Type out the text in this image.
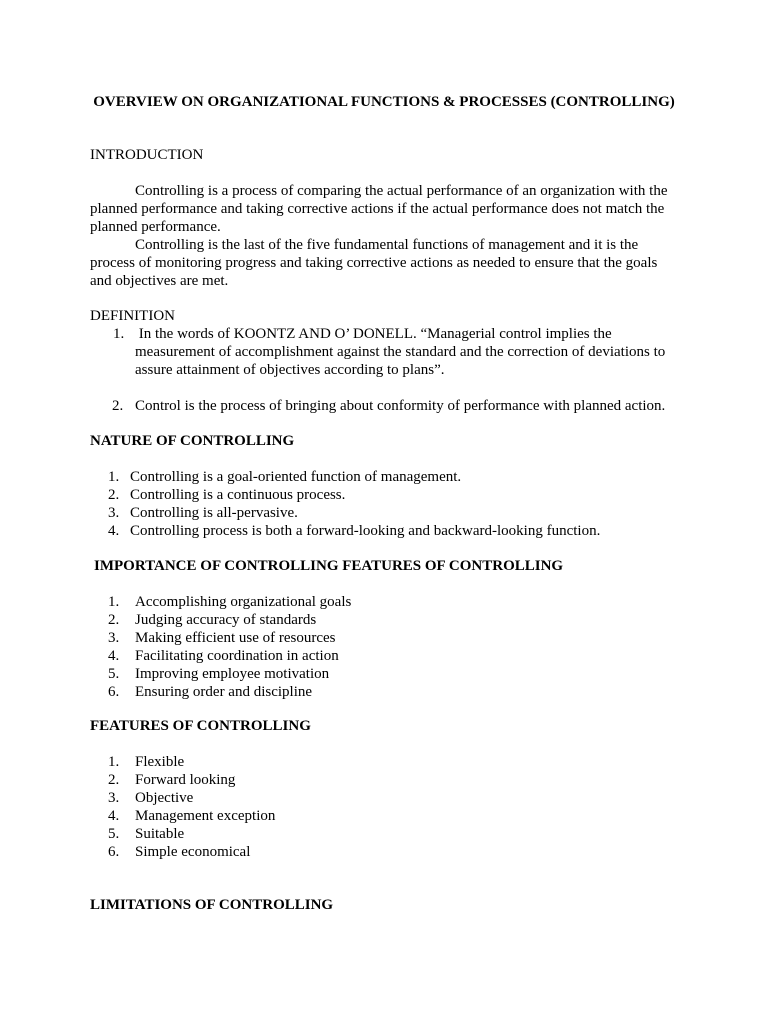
OVERVIEW ON ORGANIZATIONAL FUNCTIONS & PROCESSES (CONTROLLING)
INTRODUCTION

Controlling is a process of comparing the actual performance of an organization with the planned performance and taking corrective actions if the actual performance does not match the planned performance.

Controlling is the last of the five fundamental functions of management and it is the process of monitoring progress and taking corrective actions as needed to ensure that the goals and objectives are met.

DEFINITION
1. In the words of KOONTZ AND O’ DONELL. “Managerial control implies the measurement of accomplishment against the standard and the correction of deviations to assure attainment of objectives according to plans”.
2. Control is the process of bringing about conformity of performance with planned action.
NATURE OF CONTROLLING
1. Controlling is a goal-oriented function of management.
2. Controlling is a continuous process.
3. Controlling is all-pervasive.
4. Controlling process is both a forward-looking and backward-looking function.
IMPORTANCE OF CONTROLLING FEATURES OF CONTROLLING
1. Accomplishing organizational goals
2. Judging accuracy of standards
3. Making efficient use of resources
4. Facilitating coordination in action
5. Improving employee motivation
6. Ensuring order and discipline
FEATURES OF CONTROLLING
1. Flexible
2. Forward looking
3. Objective
4. Management exception
5. Suitable
6. Simple economical
LIMITATIONS OF CONTROLLING
